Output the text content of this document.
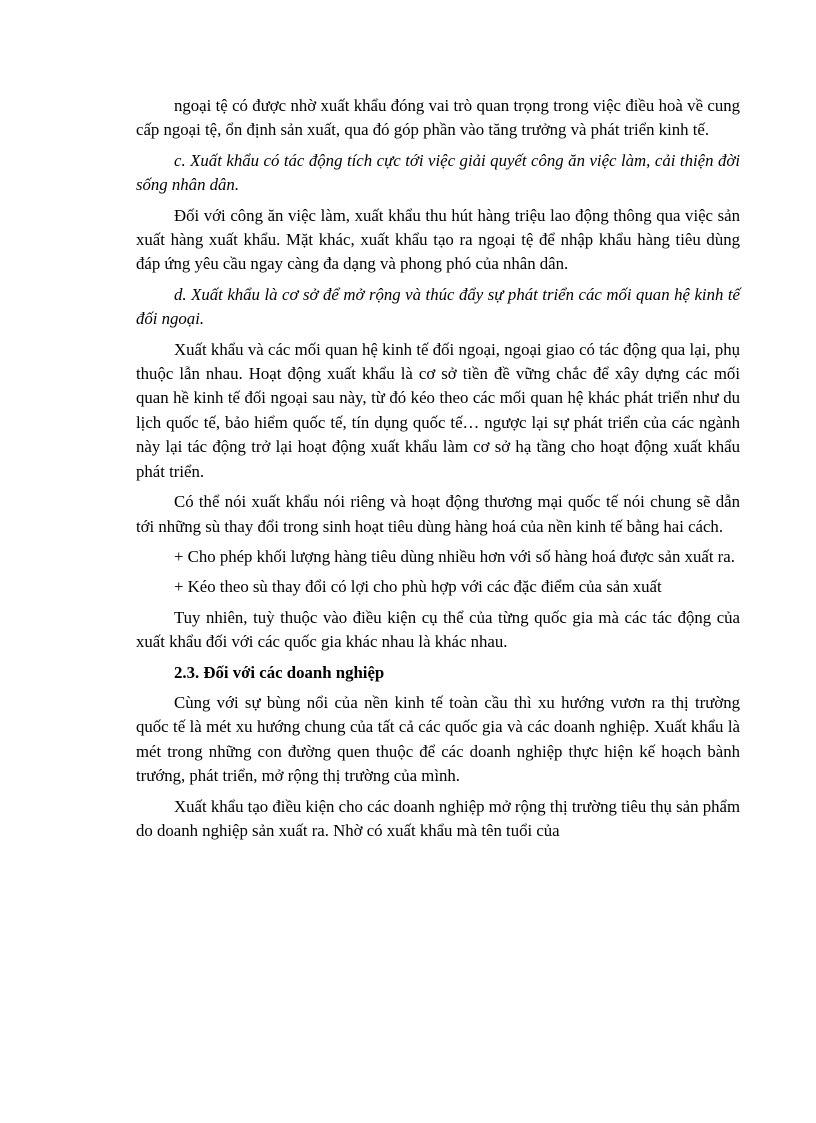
ngoại tệ có được nhờ xuất khẩu đóng vai trò quan trọng trong việc điều hoà về cung cấp ngoại tệ, ổn định sản xuất, qua đó góp phần vào tăng trưởng và phát triển kinh tế.

c. Xuất khẩu có tác động tích cực tới việc giải quyết công ăn việc làm, cải thiện đời sống nhân dân.

Đối với công ăn việc làm, xuất khẩu thu hút hàng triệu lao động thông qua việc sản xuất hàng xuất khẩu. Mặt khác, xuất khẩu tạo ra ngoại tệ để nhập khẩu hàng tiêu dùng đáp ứng yêu cầu ngay càng đa dạng và phong phó của nhân dân.

d. Xuất khẩu là cơ sở để mở rộng và thúc đẩy sự phát triển các mối quan hệ kinh tế đối ngoại.

Xuất khẩu và các mối quan hệ kinh tế đối ngoại, ngoại giao có tác động qua lại, phụ thuộc lẫn nhau. Hoạt động xuất khẩu là cơ sở tiền đề vững chắc để xây dựng các mối quan hề kinh tế đối ngoại sau này, từ đó kéo theo các mối quan hệ khác phát triển như du lịch quốc tế, bảo hiểm quốc tế, tín dụng quốc tế… ngược lại sự phát triển của các ngành này lại tác động trở lại hoạt động xuất khẩu làm cơ sở hạ tầng cho hoạt động xuất khẩu phát triển.

Có thể nói xuất khẩu nói riêng và hoạt động thương mại quốc tế nói chung sẽ dẫn tới những sù thay đổi trong sinh hoạt tiêu dùng hàng hoá của nền kinh tế bằng hai cách.

+ Cho phép khối lượng hàng tiêu dùng nhiều hơn với số hàng hoá được sản xuất ra.

+ Kéo theo sù thay đổi có lợi cho phù hợp với các đặc điểm của sản xuất

Tuy nhiên, tuỳ thuộc vào điều kiện cụ thể của từng quốc gia mà các tác động của xuất khẩu đối với các quốc gia khác nhau là khác nhau.

2.3. Đối với các doanh nghiệp

Cùng với sự bùng nổi của nền kinh tế toàn cầu thì xu hướng vươn ra thị trường quốc tế là mét xu hướng chung của tất cả các quốc gia và các doanh nghiệp. Xuất khẩu là mét trong những con đường quen thuộc để các doanh nghiệp thực hiện kế hoạch bành trướng, phát triển, mở rộng thị trường của mình.

Xuất khẩu tạo điều kiện cho các doanh nghiệp mở rộng thị trường tiêu thụ sản phẩm do doanh nghiệp sản xuất ra. Nhờ có xuất khẩu mà tên tuổi của
